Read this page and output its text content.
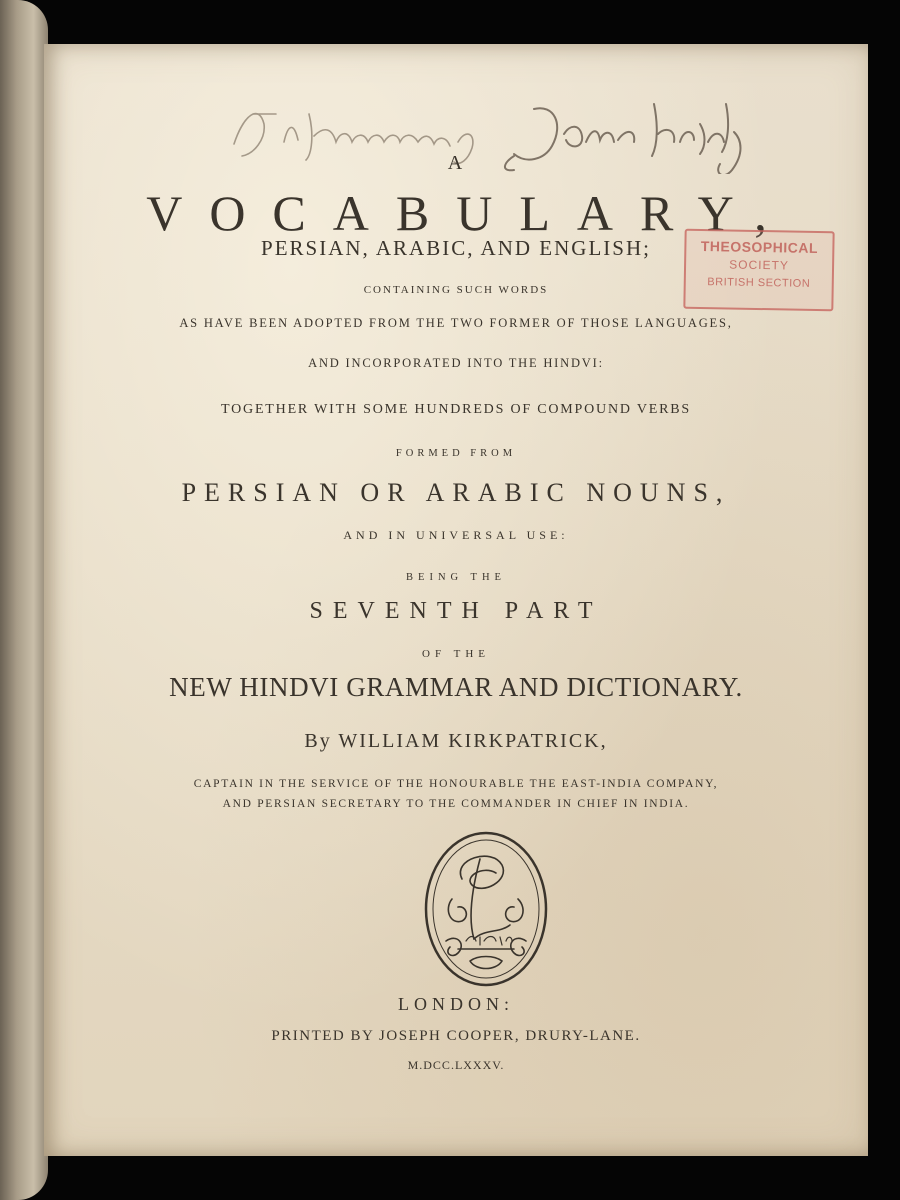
A
VOCABULARY,
PERSIAN, ARABIC, AND ENGLISH;	THEOSOPHICAL
SOCIETY
BRITISH SECTION
CONTAINING SUCH WORDS
AS HAVE BEEN ADOPTED FROM THE TWO FORMER OF THOSE LANGUAGES,
AND INCORPORATED INTO THE HINDVI:
TOGETHER WITH SOME HUNDREDS OF COMPOUND VERBS
FORMED FROM
PERSIAN OR ARABIC NOUNS,
AND IN UNIVERSAL USE:
BEING THE
SEVENTH PART
OF THE
NEW HINDVI GRAMMAR AND DICTIONARY.
By WILLIAM KIRKPATRICK,
CAPTAIN IN THE SERVICE OF THE HONOURABLE THE EAST-INDIA COMPANY,
AND PERSIAN SECRETARY TO THE COMMANDER IN CHIEF IN INDIA.
LONDON:
PRINTED BY JOSEPH COOPER, DRURY-LANE.
M.DCC.LXXXV.
